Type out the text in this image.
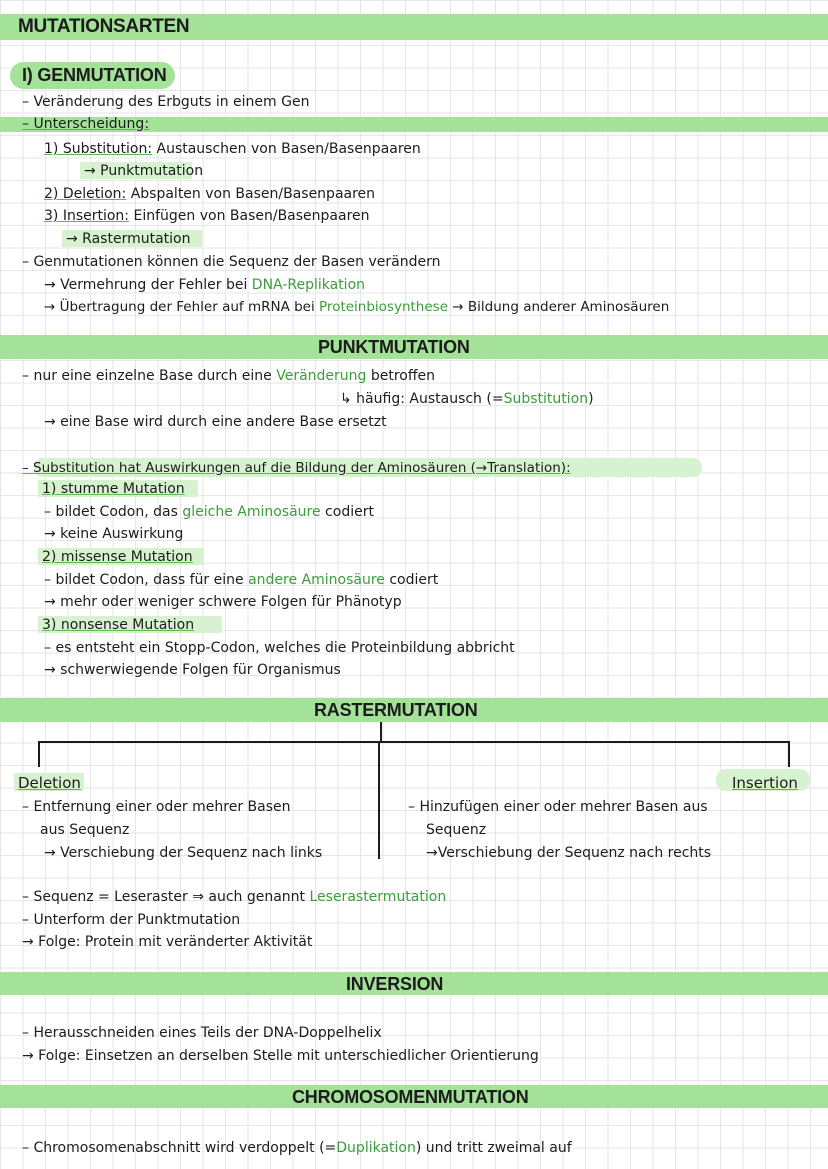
MUTATIONSARTEN
I) GENMUTATION
– Veränderung des Erbguts in einem Gen
– Unterscheidung:
1) Substitution: Austauschen von Basen/Basenpaaren
→ Punktmutation
2) Deletion: Abspalten von Basen/Basenpaaren
3) Insertion: Einfügen von Basen/Basenpaaren
→ Rastermutation
– Genmutationen können die Sequenz der Basen verändern
→ Vermehrung der Fehler bei DNA-Replikation
→ Übertragung der Fehler auf mRNA bei Proteinbiosynthese → Bildung anderer Aminosäuren
PUNKTMUTATION
– nur eine einzelne Base durch eine Veränderung betroffen
↳ häufig: Austausch (=Substitution)
→ eine Base wird durch eine andere Base ersetzt
– Substitution hat Auswirkungen auf die Bildung der Aminosäuren (→Translation):
1) stumme Mutation
– bildet Codon, das gleiche Aminosäure codiert
→ keine Auswirkung
2) missense Mutation
– bildet Codon, dass für eine andere Aminosäure codiert
→ mehr oder weniger schwere Folgen für Phänotyp
3) nonsense Mutation
– es entsteht ein Stopp-Codon, welches die Proteinbildung abbricht
→ schwerwiegende Folgen für Organismus
RASTERMUTATION
Deletion	Insertion
– Entfernung einer oder mehrer Basen
aus Sequenz
→ Verschiebung der Sequenz nach links
– Hinzufügen einer oder mehrer Basen aus
Sequenz
→Verschiebung der Sequenz nach rechts
– Sequenz = Leseraster ⇒ auch genannt Leserastermutation
– Unterform der Punktmutation
→ Folge: Protein mit veränderter Aktivität
INVERSION
– Herausschneiden eines Teils der DNA-Doppelhelix
→ Folge: Einsetzen an derselben Stelle mit unterschiedlicher Orientierung
CHROMOSOMENMUTATION
– Chromosomenabschnitt wird verdoppelt (=Duplikation) und tritt zweimal auf
